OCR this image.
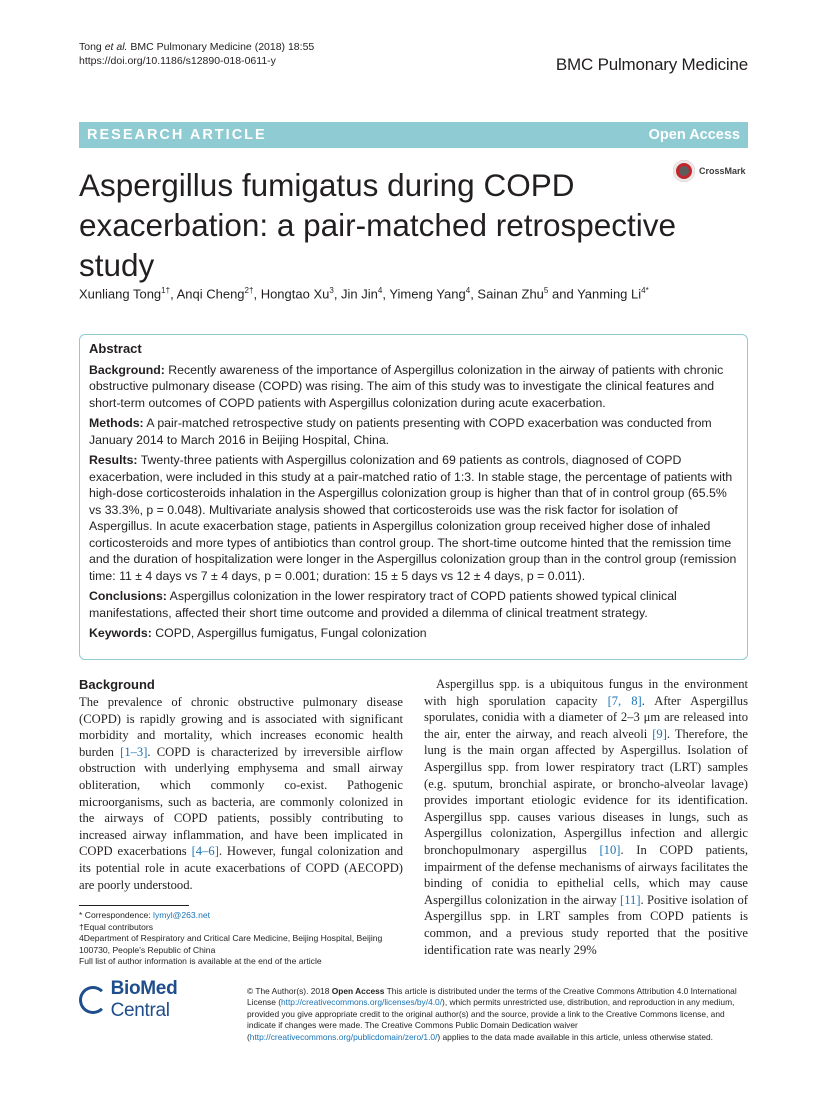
Tong et al. BMC Pulmonary Medicine (2018) 18:55
https://doi.org/10.1186/s12890-018-0611-y	BMC Pulmonary Medicine
RESEARCH ARTICLE	Open Access
CrossMark
Aspergillus fumigatus during COPD exacerbation: a pair-matched retrospective study
Xunliang Tong$^{1\dagger}$, Anqi Cheng$^{2\dagger}$, Hongtao Xu$^3$, Jin Jin$^4$, Yimeng Yang$^4$, Sainan Zhu$^5$ and Yanming $Li^{4*}$
Abstract

Background: Recently awareness of the importance of Aspergillus colonization in the airway of patients with chronic obstructive pulmonary disease (COPD) was rising. The aim of this study was to investigate the clinical features and short-term outcomes of COPD patients with Aspergillus colonization during acute exacerbation.

Methods: A pair-matched retrospective study on patients presenting with COPD exacerbation was conducted from January 2014 to March 2016 in Beijing Hospital, China.

Results: Twenty-three patients with Aspergillus colonization and 69 patients as controls, diagnosed of COPD exacerbation, were included in this study at a pair-matched ratio of 1:3. In stable stage, the percentage of patients with high-dose corticosteroids inhalation in the Aspergillus colonization group is higher than that of in control group (65.5% vs 33.3%, p = 0.048). Multivariate analysis showed that corticosteroids use was the risk factor for isolation of Aspergillus. In acute exacerbation stage, patients in Aspergillus colonization group received higher dose of inhaled corticosteroids and more types of antibiotics than control group. The short-time outcome hinted that the remission time and the duration of hospitalization were longer in the Aspergillus colonization group than in the control group (remission time: 11 ± 4 days vs 7 ± 4 days, p = 0.001; duration: 15 ± 5 days vs 12 ± 4 days, p = 0.011).

Conclusions: Aspergillus colonization in the lower respiratory tract of COPD patients showed typical clinical manifestations, affected their short time outcome and provided a dilemma of clinical treatment strategy.

Keywords: COPD, Aspergillus fumigatus, Fungal colonization

Background

The prevalence of chronic obstructive pulmonary disease (COPD) is rapidly growing and is associated with significant morbidity and mortality, which increases economic health burden [1–3]. COPD is characterized by irreversible airflow obstruction with underlying emphysema and small airway obliteration, which commonly co-exist. Pathogenic microorganisms, such as bacteria, are commonly colonized in the airways of COPD patients, possibly contributing to increased airway inflammation, and have been implicated in COPD exacerbations [4–6]. However, fungal colonization and its potential role in acute exacerbations of COPD (AECOPD) are poorly understood.

Aspergillus spp. is a ubiquitous fungus in the environment with high sporulation capacity [7, 8]. After Aspergillus sporulates, conidia with a diameter of 2–3 μm are released into the air, enter the airway, and reach alveoli [9]. Therefore, the lung is the main organ affected by Aspergillus. Isolation of Aspergillus spp. from lower respiratory tract (LRT) samples (e.g. sputum, bronchial aspirate, or broncho-alveolar lavage) provides important etiologic evidence for its identification. Aspergillus spp. causes various diseases in lungs, such as Aspergillus colonization, Aspergillus infection and allergic bronchopulmonary aspergillus [10]. In COPD patients, impairment of the defense mechanisms of airways facilitates the binding of conidia to epithelial cells, which may cause Aspergillus colonization in the airway [11]. Positive isolation of Aspergillus spp. in LRT samples from COPD patients is common, and a previous study reported that the positive identification rate was nearly 29%

* Correspondence: lymyl@263.net
†Equal contributors
4Department of Respiratory and Critical Care Medicine, Beijing Hospital, Beijing 100730, People's Republic of China
Full list of author information is available at the end of the article
BioMed Central
© The Author(s). 2018 Open Access This article is distributed under the terms of the Creative Commons Attribution 4.0 International License (http://creativecommons.org/licenses/by/4.0/), which permits unrestricted use, distribution, and reproduction in any medium, provided you give appropriate credit to the original author(s) and the source, provide a link to the Creative Commons license, and indicate if changes were made. The Creative Commons Public Domain Dedication waiver (http://creativecommons.org/publicdomain/zero/1.0/) applies to the data made available in this article, unless otherwise stated.
